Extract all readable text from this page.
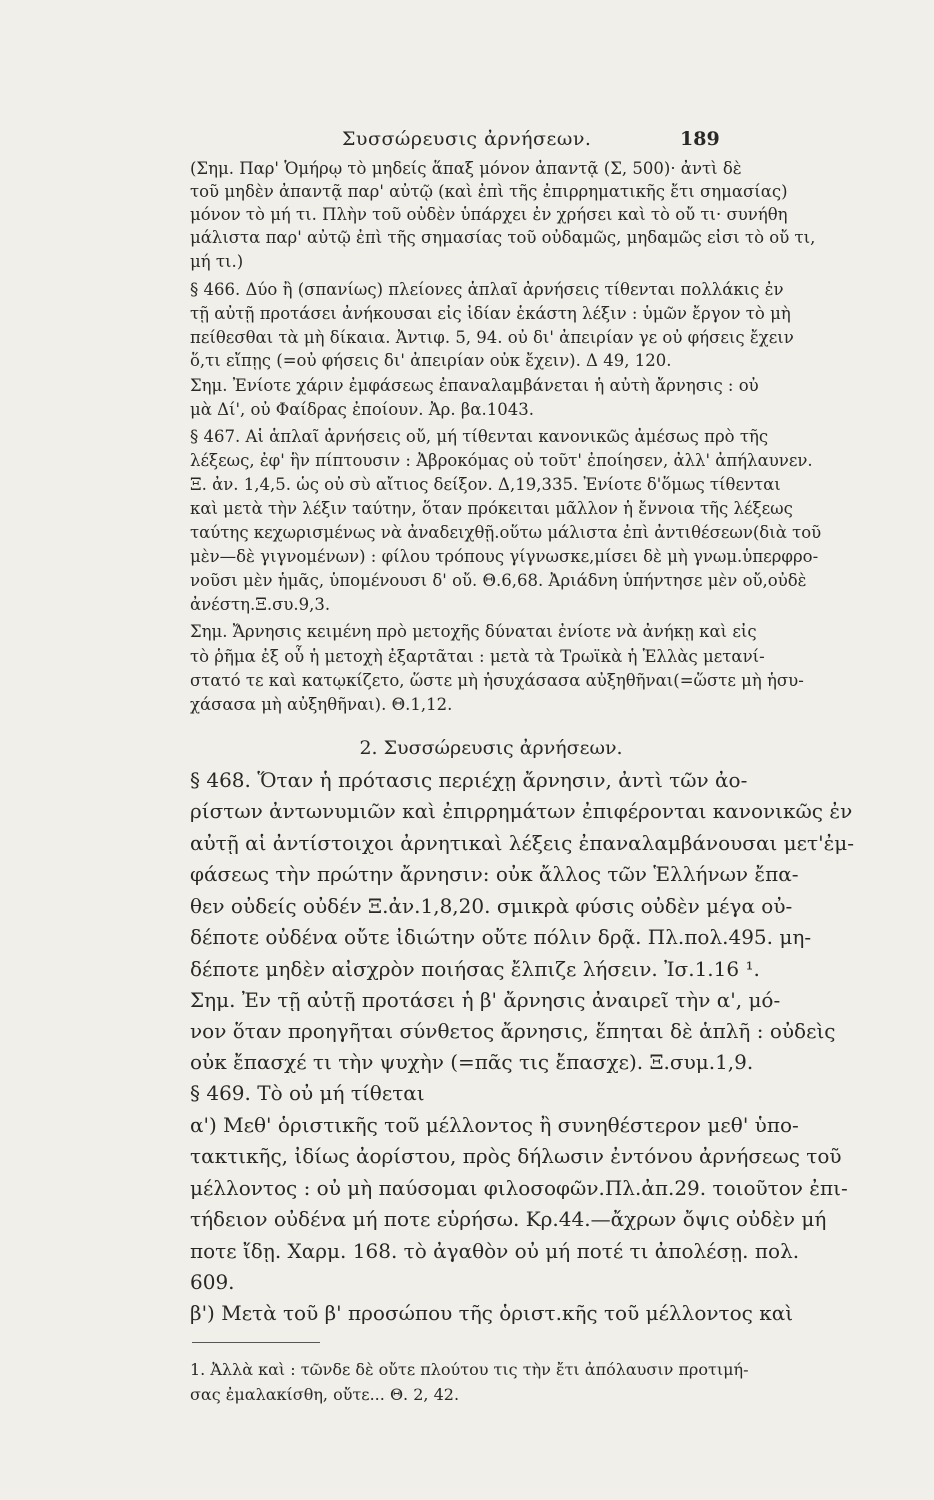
Συσσώρευσις ἀρνήσεων.	189
(Σημ. Παρ' Ὁμήρῳ τὸ μηδείς ἅπαξ μόνον ἀπαντᾷ (Σ, 500)· ἀντὶ δὲ
τοῦ μηδὲν ἀπαντᾷ παρ' αὐτῷ (καὶ ἐπὶ τῆς ἐπιρρηματικῆς ἔτι σημασίας)
μόνον τὸ μή τι. Πλὴν τοῦ οὐδὲν ὑπάρχει ἐν χρήσει καὶ τὸ οὔ τι· συνήθη
μάλιστα παρ' αὐτῷ ἐπὶ τῆς σημασίας τοῦ οὐδαμῶς, μηδαμῶς εἰσι τὸ οὔ τι,
μή τι.)
§ 466. Δύο ἢ (σπανίως) πλείονες ἁπλαῖ ἀρνήσεις τίθενται πολλάκις ἐν
τῇ αὐτῇ προτάσει ἀνήκουσαι εἰς ἰδίαν ἑκάστη λέξιν : ὑμῶν ἔργον τὸ μὴ
πείθεσθαι τὰ μὴ δίκαια. Ἀντιφ. 5, 94. οὐ δι' ἀπειρίαν γε οὐ φήσεις ἔχειν
ὅ,τι εἴπῃς (=οὐ φήσεις δι' ἀπειρίαν οὐκ ἔχειν). Δ 49, 120.
Σημ. Ἐνίοτε χάριν ἐμφάσεως ἐπαναλαμβάνεται ἡ αὐτὴ ἄρνησις : οὐ
μὰ Δί', οὐ Φαίδρας ἐποίουν. Ἀρ. βα.1043.
§ 467. Αἱ ἁπλαῖ ἀρνήσεις οὔ, μή τίθενται κανονικῶς ἀμέσως πρὸ τῆς
λέξεως, ἐφ' ἣν πίπτουσιν : Ἀβροκόμας οὐ τοῦτ' ἐποίησεν, ἀλλ' ἀπήλαυνεν.
Ξ. ἀν. 1,4,5. ὡς οὐ σὺ αἴτιος δείξον. Δ,19,335. Ἐνίοτε δ'ὅμως τίθενται
καὶ μετὰ τὴν λέξιν ταύτην, ὅταν πρόκειται μᾶλλον ἡ ἔννοια τῆς λέξεως
ταύτης κεχωρισμένως νὰ ἀναδειχθῇ.οὕτω μάλιστα ἐπὶ ἀντιθέσεων(διὰ τοῦ
μὲν—δὲ γιγνομένων) : φίλου τρόπους γίγνωσκε,μίσει δὲ μὴ γνωμ.ὑπερφρο-
νοῦσι μὲν ἡμᾶς, ὑπομένουσι δ' οὔ. Θ.6,68. Ἀριάδνη ὑπήντησε μὲν οὔ,οὐδὲ
ἀνέστη.Ξ.συ.9,3.
Σημ. Ἄρνησις κειμένη πρὸ μετοχῆς δύναται ἐνίοτε νὰ ἀνήκῃ καὶ εἰς
τὸ ῥῆμα ἐξ οὗ ἡ μετοχὴ ἐξαρτᾶται : μετὰ τὰ Τρωϊκὰ ἡ Ἑλλὰς μετανί-
στατό τε καὶ κατῳκίζετο, ὥστε μὴ ἡσυχάσασα αὐξηθῆναι(=ὥστε μὴ ἡσυ-
χάσασα μὴ αὐξηθῆναι). Θ.1,12.
2. Συσσώρευσις ἀρνήσεων.
§ 468. Ὅταν ἡ πρότασις περιέχῃ ἄρνησιν, ἀντὶ τῶν ἀο-
ρίστων ἀντωνυμιῶν καὶ ἐπιρρημάτων ἐπιφέρονται κανονικῶς ἐν
αὐτῇ αἱ ἀντίστοιχοι ἀρνητικαὶ λέξεις ἐπαναλαμβάνουσαι μετ'ἐμ-
φάσεως τὴν πρώτην ἄρνησιν: οὐκ ἄλλος τῶν Ἑλλήνων ἔπα-
θεν οὐδείς οὐδέν Ξ.ἀν.1,8,20. σμικρὰ φύσις οὐδὲν μέγα οὐ-
δέποτε οὐδένα οὔτε ἰδιώτην οὔτε πόλιν δρᾷ. Πλ.πολ.495. μη-
δέποτε μηδὲν αἰσχρὸν ποιήσας ἔλπιζε λήσειν. Ἰσ.1.16 ¹.
Σημ. Ἐν τῇ αὐτῇ προτάσει ἡ β' ἄρνησις ἀναιρεῖ τὴν α', μό-
νον ὅταν προηγῆται σύνθετος ἄρνησις, ἕπηται δὲ ἁπλῆ : οὐδεὶς
οὐκ ἔπασχέ τι τὴν ψυχὴν (=πᾶς τις ἔπασχε). Ξ.συμ.1,9.
§ 469. Τὸ οὐ μή τίθεται
α') Μεθ' ὁριστικῆς τοῦ μέλλοντος ἢ συνηθέστερον μεθ' ὑπο-
τακτικῆς, ἰδίως ἀορίστου, πρὸς δήλωσιν ἐντόνου ἀρνήσεως τοῦ
μέλλοντος : οὐ μὴ παύσομαι φιλοσοφῶν.Πλ.ἀπ.29. τοιοῦτον ἐπι-
τήδειον οὐδένα μή ποτε εὑρήσω. Κρ.44.—ἄχρων ὄψις οὐδὲν μή
ποτε ἴδῃ. Χαρμ. 168. τὸ ἀγαθὸν οὐ μή ποτέ τι ἀπολέσῃ. πολ.
609.
β') Μετὰ τοῦ β' προσώπου τῆς ὁριστ.κῆς τοῦ μέλλοντος καὶ
1. Ἀλλὰ καὶ : τῶνδε δὲ οὔτε πλούτου τις τὴν ἔτι ἀπόλαυσιν προτιμή-
σας ἐμαλακίσθη, οὔτε... Θ. 2, 42.
